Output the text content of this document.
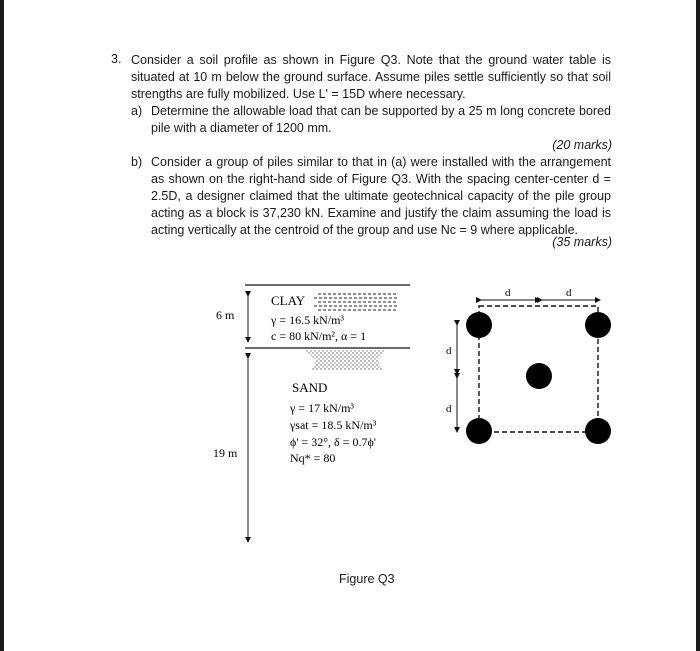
3. Consider a soil profile as shown in Figure Q3. Note that the ground water table is situated at 10 m below the ground surface. Assume piles settle sufficiently so that soil strengths are fully mobilized. Use L' = 15D where necessary.
a) Determine the allowable load that can be supported by a 25 m long concrete bored pile with a diameter of 1200 mm.
(20 marks)
b) Consider a group of piles similar to that in (a) were installed with the arrangement as shown on the right-hand side of Figure Q3. With the spacing center-center d = 2.5D, a designer claimed that the ultimate geotechnical capacity of the pile group acting as a block is 37,230 kN. Examine and justify the claim assuming the load is acting vertically at the centroid of the group and use Nc = 9 where applicable.
(35 marks)
6 m
CLAY
γ = 16.5 kN/m³
c = 80 kN/m², α = 1
19 m
SAND
γ = 17 kN/m³
γsat = 18.5 kN/m³
ϕ' = 32°, δ = 0.7ϕ'
Nq* = 80
d	d
d
d
Figure Q3
